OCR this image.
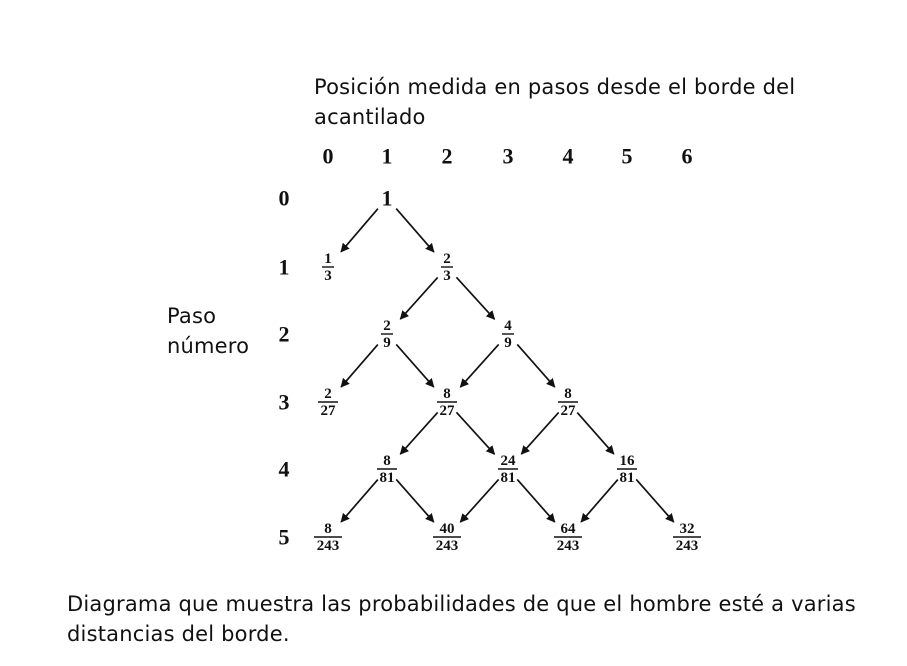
Posición medida en pasos desde el borde del
acantilado
Paso
número
0 1 2 3 4 5 6
0
1
2
3
4
5
1
1
3
2
3
2
9
4
9
2
27
8
27
8
27
8
81
24
81
16
81
8
243
40
243
64
243
32
243
Diagrama que muestra las probabilidades de que el hombre esté a varias
distancias del borde.
